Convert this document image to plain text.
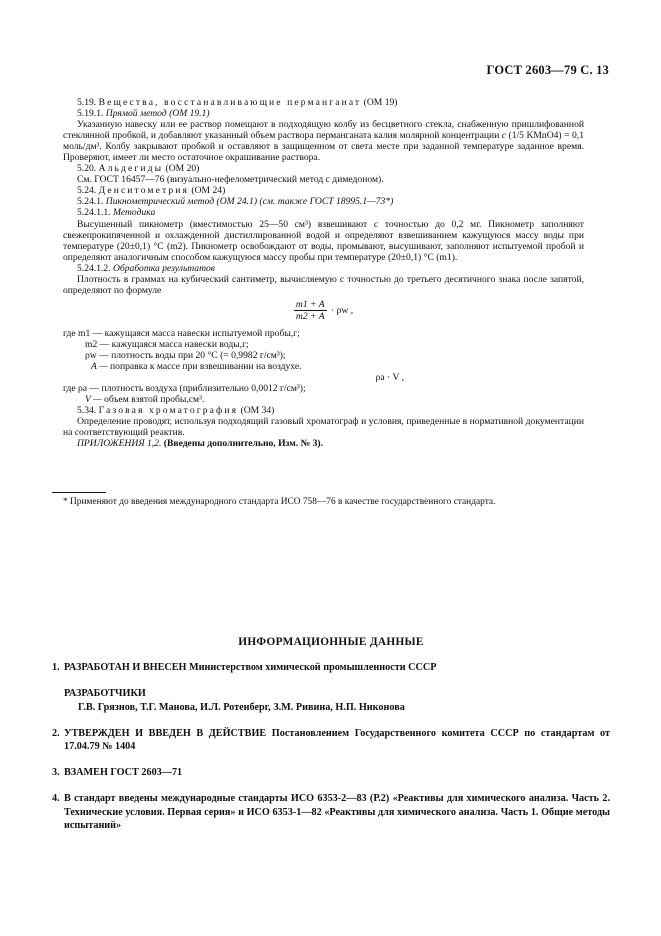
ГОСТ 2603—79 С. 13

5.19. Вещества, восстанавливающие перманганат (ОМ 19)

5.19.1. Прямой метод (ОМ 19.1)

Указанную навеску или ее раствор помещают в подходящую колбу из бесцветного стекла, снабженную пришлифованной стеклянной пробкой, и добавляют указанный объем раствора перманганата калия молярной концентрации c (1/5 KMnO4) = 0,1 моль/дм³. Колбу закрывают пробкой и оставляют в защищенном от света месте при заданной температуре заданное время. Проверяют, имеет ли место остаточное окрашивание раствора.

5.20. Альдегиды (ОМ 20)

См. ГОСТ 16457—76 (визуально-нефелометрический метод с димедоном).

5.24. Денситометрия (ОМ 24)

5.24.1. Пикнометрический метод (ОМ 24.1) (см. также ГОСТ 18995.1—73*)

5.24.1.1. Методика

Высушенный пикнометр (вместимостью 25—50 см³) взвешивают с точностью до 0,2 мг. Пикнометр заполняют свежепрокипяченной и охлажденной дистиллированной водой и определяют взвешиванием кажущуюся массу воды при температуре (20±0,1) °C (m2). Пикнометр освобождают от воды, промывают, высушивают, заполняют испытуемой пробой и определяют аналогичным способом кажущуюся массу пробы при температуре (20±0,1) °C (m1).

5.24.1.2. Обработка результатов

Плотность в граммах на кубический сантиметр, вычисляемую с точностью до третьего десятичного знака после запятой, определяют по формуле

$\frac{m1 + A}{m2 + A} \cdot \rho w$ ,
где m1 — кажущаяся масса навески испытуемой пробы,г;
m2 — кажущаяся масса навески воды,г;
ρw — плотность воды при 20 °C (= 0,9982 г/см³);
A — поправка к массе при взвешивании на воздухе.

ρa · V ,

где ρa — плотность воздуха (приблизительно 0,0012 г/см³);
V — объем взятой пробы,см³.

5.34. Газовая хроматография (ОМ 34)

Определение проводят, используя подходящий газовый хроматограф и условия, приведенные в нормативной документации на соответствующий реактив.

ПРИЛОЖЕНИЯ 1,2. (Введены дополнительно, Изм. № 3).

* Применяют до введения международного стандарта ИСО 758—76 в качестве государственного стандарта.
ИНФОРМАЦИОННЫЕ ДАННЫЕ

1. РАЗРАБОТАН И ВНЕСЕН Министерством химической промышленности СССР

РАЗРАБОТЧИКИ
Г.В. Грязнов, Т.Г. Манова, И.Л. Ротенберг, З.М. Ривина, Н.П. Никонова

2. УТВЕРЖДЕН И ВВЕДЕН В ДЕЙСТВИЕ Постановлением Государственного комитета СССР по стандартам от 17.04.79 № 1404

3. ВЗАМЕН ГОСТ 2603—71

4. В стандарт введены международные стандарты ИСО 6353-2—83 (Р.2) «Реактивы для химического анализа. Часть 2. Технические условия. Первая серия» и ИСО 6353-1—82 «Реактивы для химического анализа. Часть 1. Общие методы испытаний»
